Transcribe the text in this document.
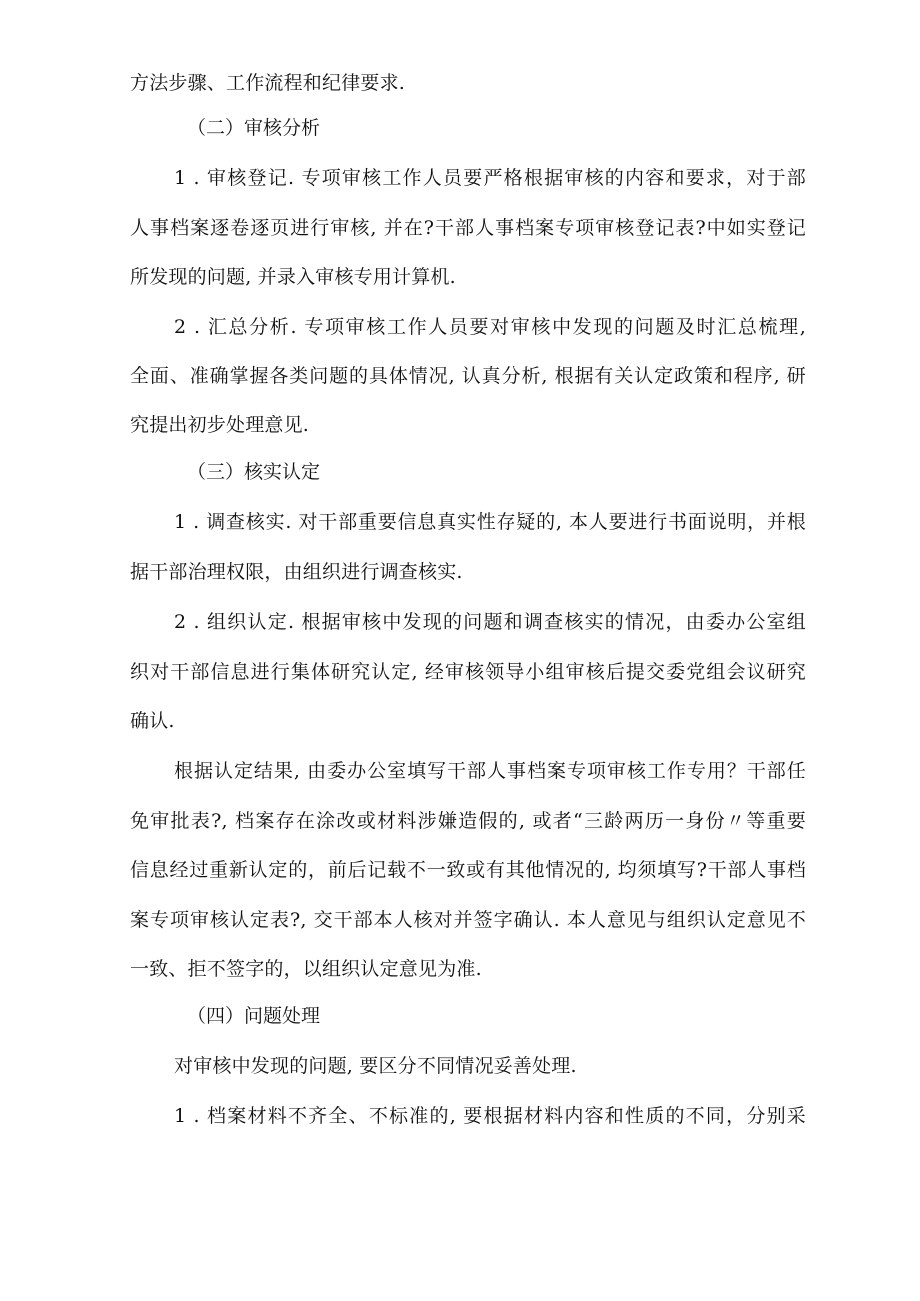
方法步骤、工作流程和纪律要求.
（二）审核分析
1 . 审核登记. 专项审核工作人员要严格根据审核的内容和要求，对于部
人事档案逐卷逐页进行审核, 并在?干部人事档案专项审核登记表?中如实登记
所发现的问题, 并录入审核专用计算机.
2 . 汇总分析. 专项审核工作人员要对审核中发现的问题及时汇总梳理,
全面、准确掌握各类问题的具体情况, 认真分析, 根据有关认定政策和程序, 研
究提出初步处理意见.
（三）核实认定
1 . 调查核实. 对干部重要信息真实性存疑的, 本人要进行书面说明，并根
据干部治理权限，由组织进行调查核实.
2 . 组织认定. 根据审核中发现的问题和调查核实的情况，由委办公室组
织对干部信息进行集体研究认定, 经审核领导小组审核后提交委党组会议研究
确认.
根据认定结果, 由委办公室填写干部人事档案专项审核工作专用？干部任
免审批表?, 档案存在涂改或材料涉嫌造假的, 或者“三龄两历一身份〃等重要
信息经过重新认定的，前后记载不一致或有其他情况的, 均须填写?干部人事档
案专项审核认定表?, 交干部本人核对并签字确认. 本人意见与组织认定意见不
一致、拒不签字的，以组织认定意见为准.
（四）问题处理
对审核中发现的问题, 要区分不同情况妥善处理.
1 . 档案材料不齐全、不标准的, 要根据材料内容和性质的不同，分别采
